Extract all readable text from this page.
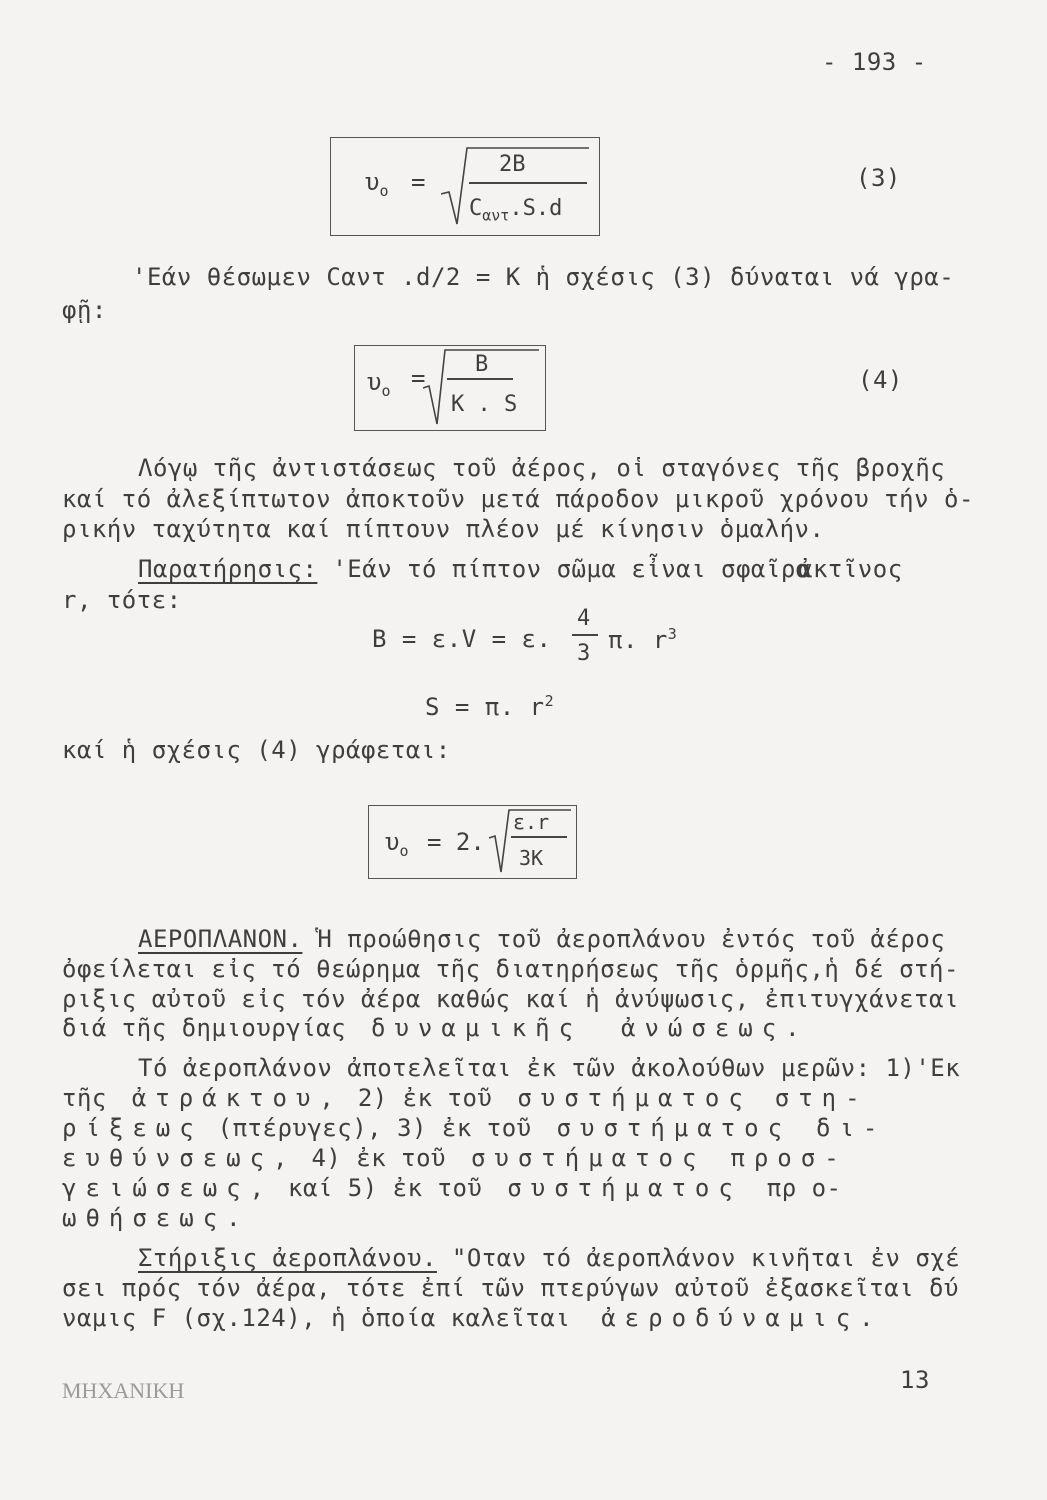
- 193 -
$\upsilon_o$ =
2B
$C_{\alpha\nu\tau}.S.d$
(3)
'Εάν θέσωμεν Cαντ .d/2 = K ἡ σχέσις (3) δύναται νά γρα-
φῇ:
$\upsilon_o = B$
K . S
(4)
Λόγῳ τῆς ἀντιστάσεως τοῦ ἀέρος, οἱ σταγόνες τῆς βροχῆς
καί τό ἀλεξίπτωτον ἀποκτοῦν μετά πάροδον μικροῦ χρόνου τήν ὁ-
ρικήν ταχύτητα καί πίπτουν πλέον μέ κίνησιν ὁμαλήν.
Παρατήρησις: 'Εάν τό πίπτον σῶμα εἶναι σφαῖρα
ἀκτῖνος
r, τότε:
B = ε.V = ε.
4
3 π. $r^3$
S = π. $r^2$
καί ἡ σχέσις (4) γράφεται:
$\upsilon_o = 2$.
ε.r
3K
ΑΕΡΟΠΛΑΝΟΝ. Ἡ προώθησις τοῦ ἀεροπλάνου ἐντός τοῦ ἀέρος
ὀφείλεται εἰς τό θεώρημα τῆς διατηρήσεως τῆς ὁρμῆς,ἡ δέ στή-
ριξις αὐτοῦ εἰς τόν ἀέρα καθώς καί ἡ ἀνύψωσις, ἐπιτυγχάνεται
διά τῆς δημιουργίας δυναμικῆς ἀνώσεως.
Τό ἀεροπλάνον ἀποτελεῖται ἐκ τῶν ἀκολούθων μερῶν: 1)'Εκ
τῆς ἀτράκτου, 2) ἐκ τοῦ συστήματος στη-
ρίξεως (πτέρυγες), 3) ἐκ τοῦ συστήματος δι-
ευθύνσεως, 4) ἐκ τοῦ συστήματος προσ-
γειώσεως, καί 5) ἐκ τοῦ συστήματος πρ ο-
ωθήσεως.
Στήριξις ἀεροπλάνου. "Οταν τό ἀεροπλάνον κινῆται ἐν σχέ
σει πρός τόν ἀέρα, τότε ἐπί τῶν πτερύγων αὐτοῦ ἐξασκεῖται δύ
ναμις F (σχ.124), ἡ ὁποία καλεῖται ἀεροδύναμις.
ΜΗΧΑΝΙΚΗ	13
